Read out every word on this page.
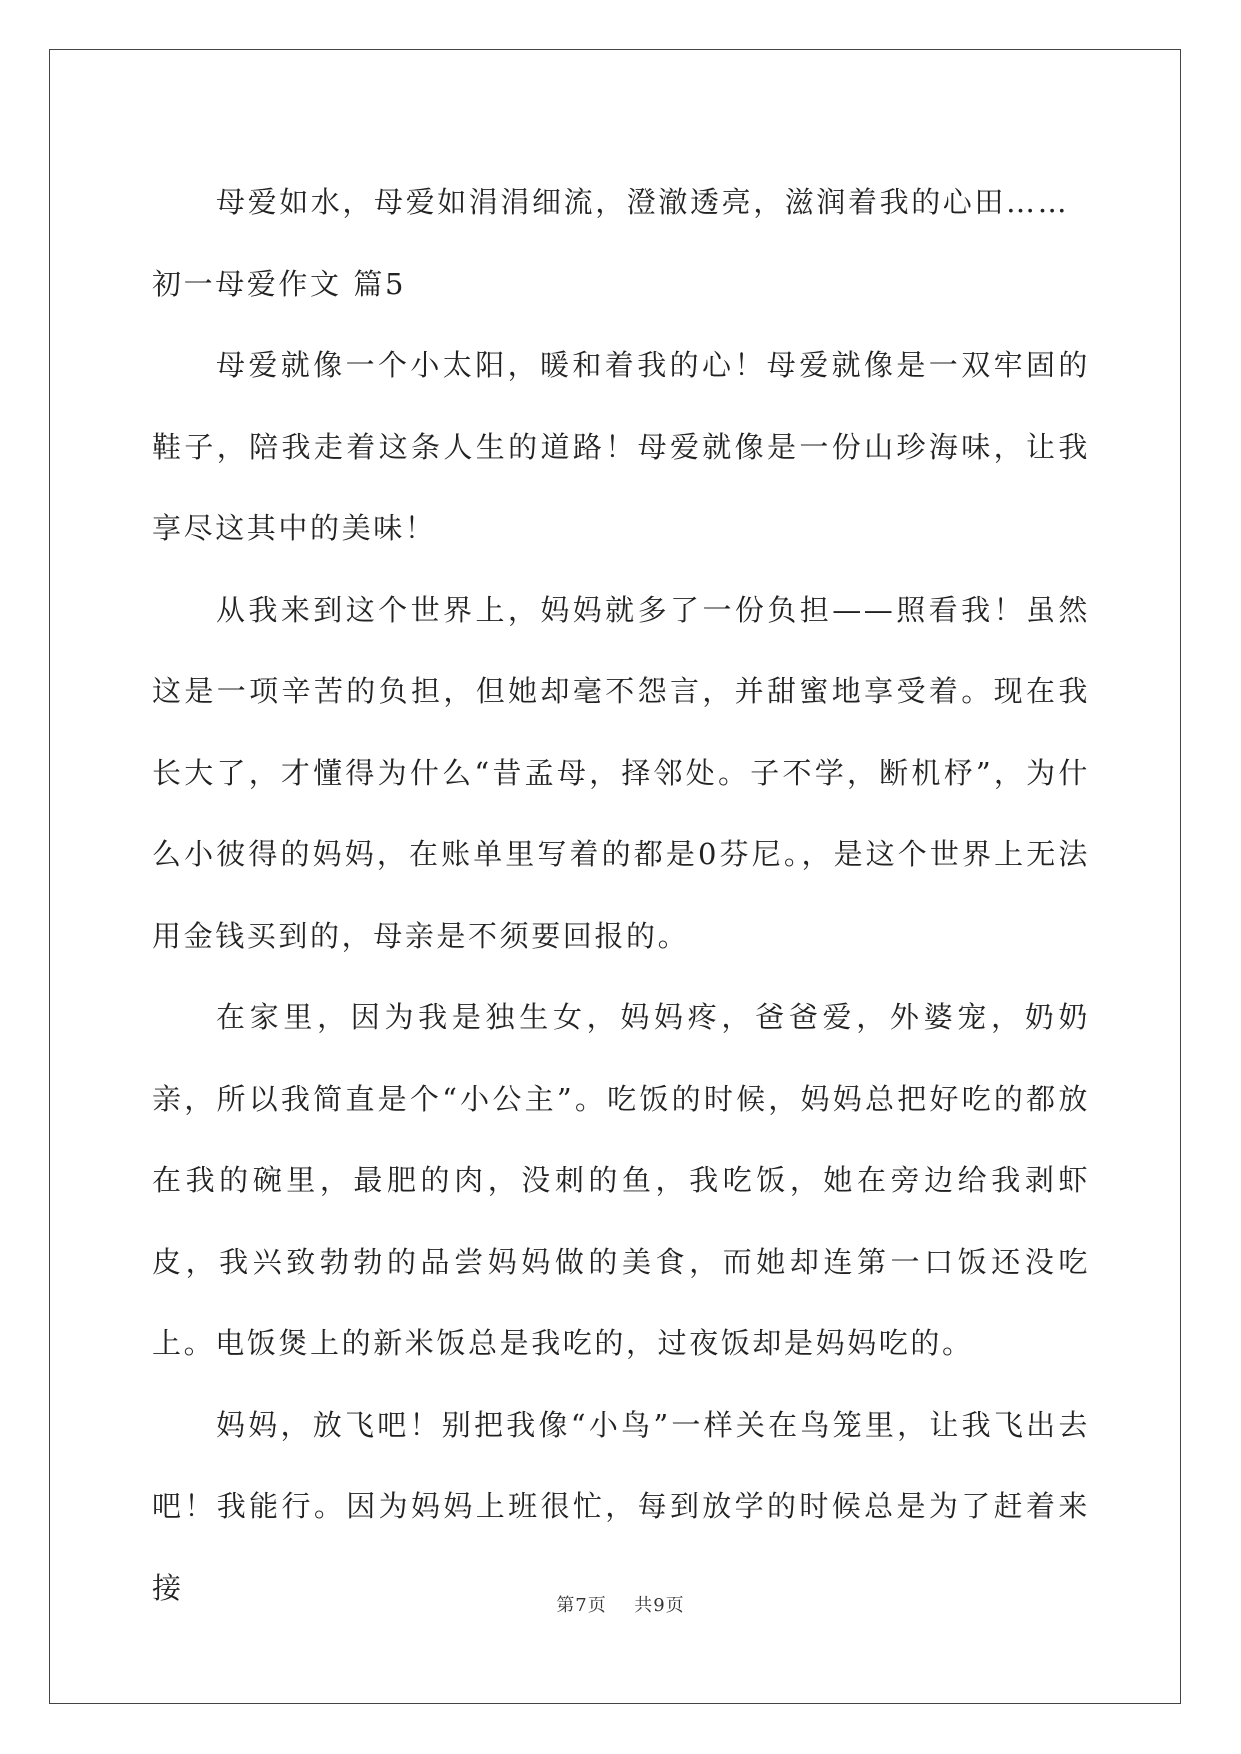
母爱如水，母爱如涓涓细流，澄澈透亮，滋润着我的心田……

初一母爱作文 篇5

母爱就像一个小太阳，暖和着我的心！母爱就像是一双牢固的鞋子，陪我走着这条人生的道路！母爱就像是一份山珍海味，让我享尽这其中的美味！

从我来到这个世界上，妈妈就多了一份负担——照看我！虽然这是一项辛苦的负担，但她却毫不怨言，并甜蜜地享受着。现在我长大了，才懂得为什么“昔孟母，择邻处。子不学，断机杼”，为什么小彼得的妈妈，在账单里写着的都是0芬尼。，是这个世界上无法用金钱买到的，母亲是不须要回报的。

在家里，因为我是独生女，妈妈疼，爸爸爱，外婆宠，奶奶亲，所以我简直是个“小公主”。吃饭的时候，妈妈总把好吃的都放在我的碗里，最肥的肉，没刺的鱼，我吃饭，她在旁边给我剥虾皮，我兴致勃勃的品尝妈妈做的美食，而她却连第一口饭还没吃上。电饭煲上的新米饭总是我吃的，过夜饭却是妈妈吃的。

妈妈，放飞吧！别把我像“小鸟”一样关在鸟笼里，让我飞出去吧！我能行。因为妈妈上班很忙，每到放学的时候总是为了赶着来接

第7页 共9页
